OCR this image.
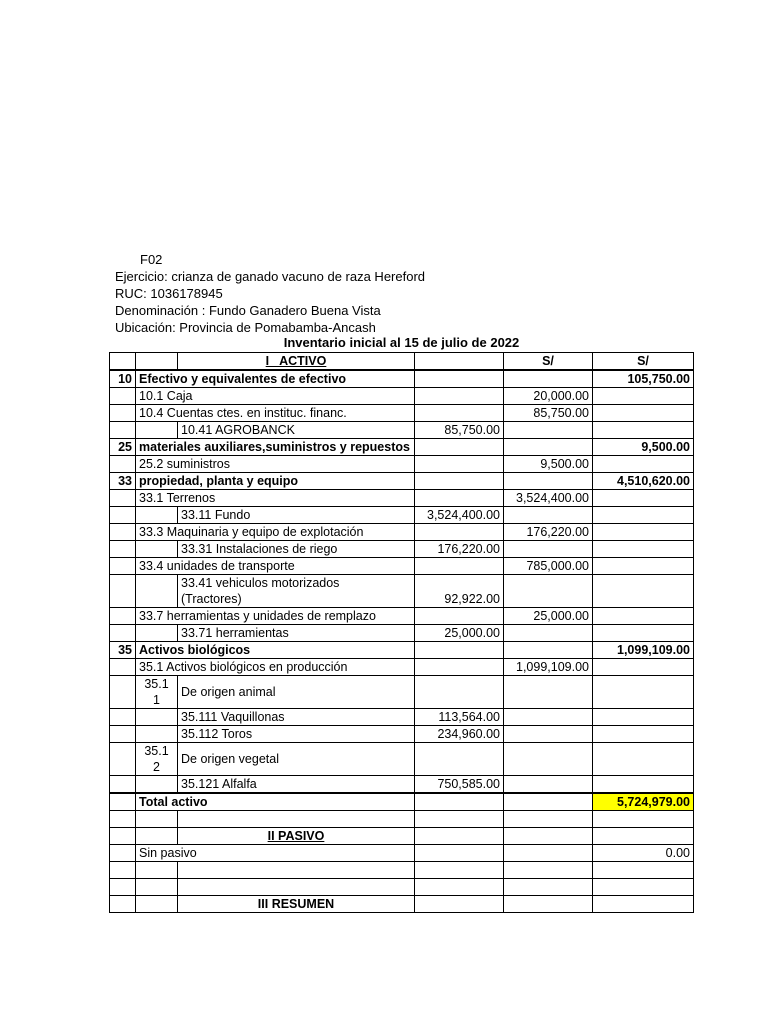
F02
Ejercicio: crianza de ganado vacuno de raza Hereford
RUC: 1036178945
Denominación : Fundo Ganadero Buena Vista
Ubicación: Provincia de Pomabamba-Ancash
Inventario inicial al 15 de julio de 2022
		I   ACTIVO		S/	S/
10	Efectivo y equivalentes de efectivo				105,750.00
	10.1 Caja			20,000.00	
	10.4 Cuentas ctes. en instituc. financ.			85,750.00	
		10.41 AGROBANCK	85,750.00		
25	materiales auxiliares,suministros y repuestos				9,500.00
	25.2 suministros			9,500.00	
33	propiedad, planta y equipo				4,510,620.00
	33.1 Terrenos			3,524,400.00	
		33.11 Fundo	3,524,400.00		
	33.3 Maquinaria y equipo de explotación			176,220.00	
		33.31 Instalaciones de riego	176,220.00		
	33.4 unidades de transporte			785,000.00	
		33.41 vehiculos motorizados
(Tractores)	92,922.00		
	33.7 herramientas y unidades de remplazo			25,000.00	
		33.71 herramientas	25,000.00		
35	Activos biológicos				1,099,109.00
	35.1 Activos biológicos en producción			1,099,109.00	
	35.1
1	De origen animal			
		35.111 Vaquillonas	113,564.00		
		35.112 Toros	234,960.00		
	35.1
2	De origen vegetal			
		35.121 Alfalfa	750,585.00		
	Total activo				5,724,979.00

		II PASIVO			
	Sin pasivo				0.00

		III RESUMEN			
